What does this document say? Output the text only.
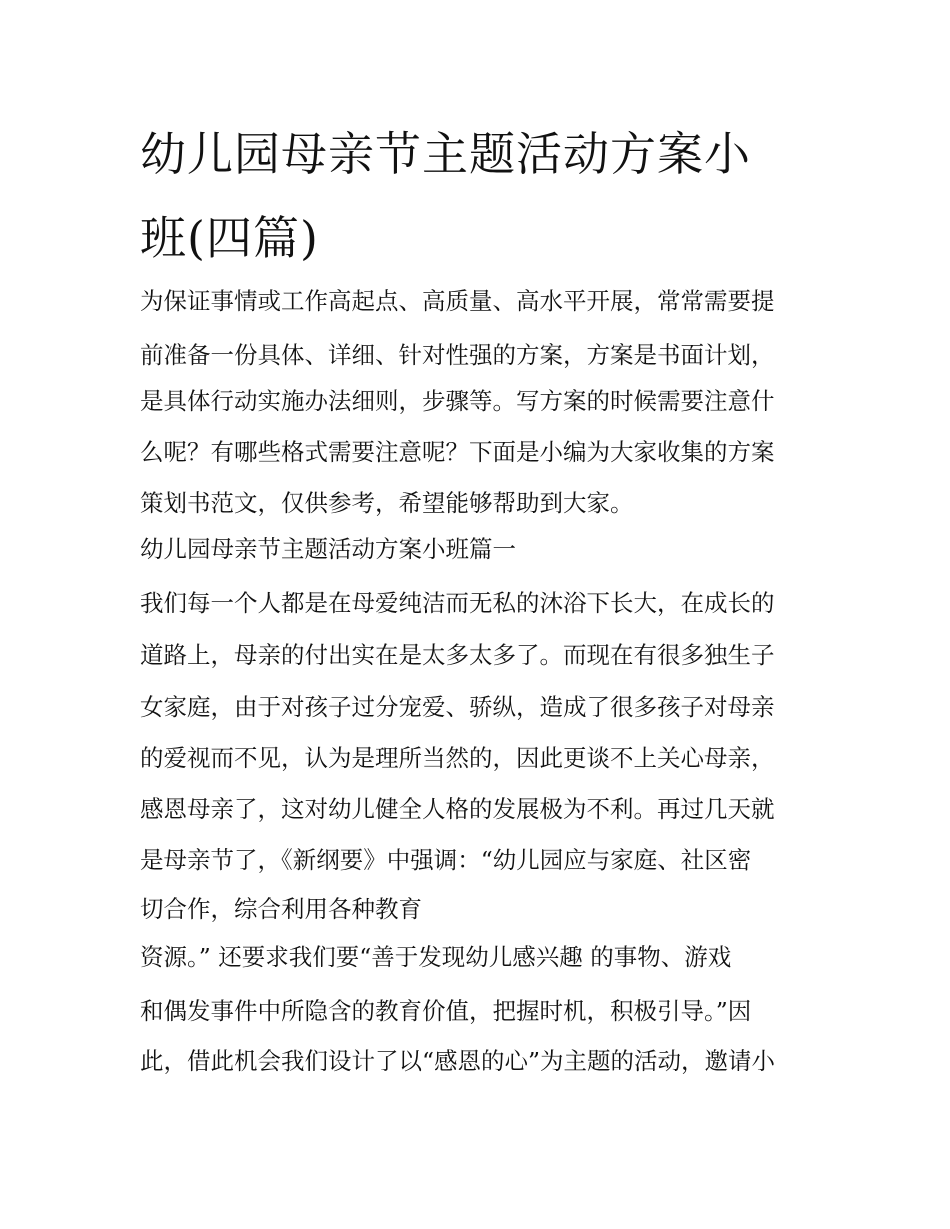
幼儿园母亲节主题活动方案小
班(四篇)

为保证事情或工作高起点、高质量、高水平开展，常常需要提

前准备一份具体、详细、针对性强的方案，方案是书面计划，

是具体行动实施办法细则，步骤等。写方案的时候需要注意什

么呢？有哪些格式需要注意呢？下面是小编为大家收集的方案

策划书范文，仅供参考，希望能够帮助到大家。

幼儿园母亲节主题活动方案小班篇一

我们每一个人都是在母爱纯洁而无私的沐浴下长大，在成长的

道路上，母亲的付出实在是太多太多了。而现在有很多独生子

女家庭，由于对孩子过分宠爱、骄纵，造成了很多孩子对母亲

的爱视而不见，认为是理所当然的，因此更谈不上关心母亲，

感恩母亲了，这对幼儿健全人格的发展极为不利。再过几天就

是母亲节了，《新纲要》中强调：“幼儿园应与家庭、社区密

切合作，综合利用各种教育

资源。” 还要求我们要“善于发现幼儿感兴趣 的事物、游戏

和偶发事件中所隐含的教育价值，把握时机，积极引导。”因

此，借此机会我们设计了以“感恩的心”为主题的活动，邀请小
